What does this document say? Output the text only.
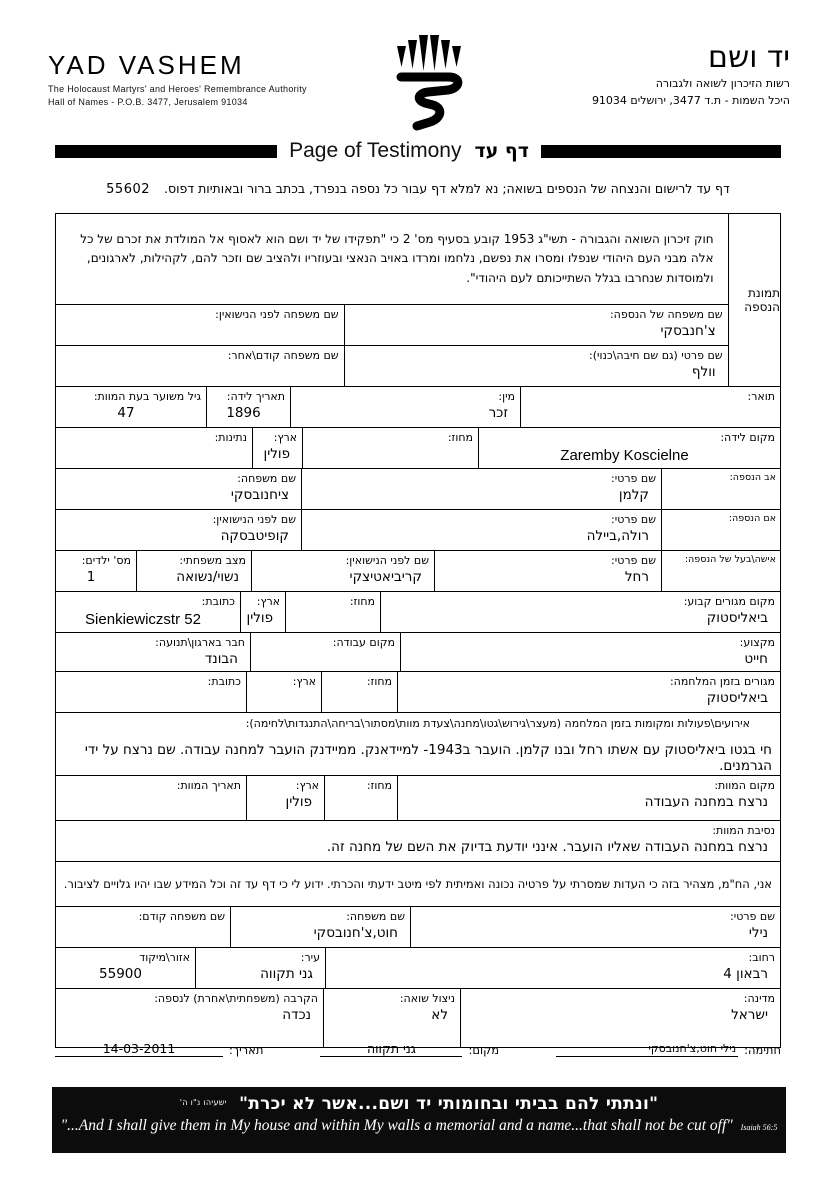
YAD VASHEM
The Holocaust Martyrs' and Heroes' Remembrance Authority
Hall of Names - P.O.B. 3477, Jerusalem 91034
יד ושם
רשות הזיכרון לשואה ולגבורה
היכל השמות - ת.ד 3477, ירושלים 91034
Page of Testimony דף עד
דף עד לרישום והנצחה של הנספים בשואה; נא למלא דף עבור כל נספה בנפרד, בכתב ברור ובאותיות דפוס. 55602
תמונת הנספה
חוק זיכרון השואה והגבורה - תשי"ג 1953 קובע בסעיף מס' 2 כי "תפקידו של יד ושם הוא לאסוף אל המולדת את זכרם של כל אלה מבני העם היהודי שנפלו ומסרו את נפשם, נלחמו ומרדו באויב הנאצי ובעוזריו ולהציב שם וזכר להם, לקהילות, לארגונים, ולמוסדות שנחרבו בגלל השתייכותם לעם היהודי".
שם משפחה של הנספה:
צ'חנבסקי
שם משפחה לפני הנישואין:
שם פרטי (גם שם חיבה\כנוי):
וולף
שם משפחה קודם\אחר:
תואר:
מין:
זכר
תאריך לידה:
1896
גיל משוער בעת המוות:
47
מקום לידה:
Zaremby Koscielne
מחוז:
ארץ:
פולין
נתינות:
אב הנספה:
שם פרטי:
קלמן
שם משפחה:
ציחנובסקי
אם הנספה:
שם פרטי:
רולה,ביילה
שם לפני הנישואין:
קופיטבסקה
אישה\בעל של הנספה:
שם פרטי:
רחל
שם לפני הנישואין:
קריביאטיצקי
מצב משפחתי:
נשוי/נשואה
מס' ילדים:
1
מקום מגורים קבוע:
ביאליסטוק
מחוז:
ארץ:
פולין
כתובת:
Sienkiewiczstr 52
מקצוע:
חייט
מקום עבודה:
חבר בארגון\תנועה:
הבונד
מגורים בזמן המלחמה:
ביאליסטוק
מחוז:
ארץ:
כתובת:
אירועים\פעולות ומקומות בזמן המלחמה (מעצר\גירוש\גטו\מחנה\צעדת מוות\מסתור\בריחה\התנגדות\לחימה):
חי בגטו ביאליסטוק עם אשתו רחל ובנו קלמן. הועבר ב1943- למיידאנק. ממיידנק הועבר למחנה עבודה. שם נרצח על ידי הגרמנים.
מקום המוות:
נרצח במחנה העבודה
מחוז:
ארץ:
פולין
תאריך המוות:
נסיבת המוות:
נרצח במחנה העבודה שאליו הועבר. אינני יודעת בדיוק את השם של מחנה זה.
אני, הח"מ, מצהיר בזה כי העדות שמסרתי על פרטיה נכונה ואמיתית לפי מיטב ידעתי והכרתי. ידוע לי כי דף עד זה וכל המידע שבו יהיו גלויים לציבור.
שם פרטי:
נילי
שם משפחה:
חוט,צ'חנובסקי
שם משפחה קודם:
רחוב:
רבאון 4
עיר:
גני תקווה
אזור\מיקוד
55900
מדינה:
ישראל
ניצול שואה:
לא
הקרבה (משפחתית\אחרת) לנספה:
נכדה
חתימה:
נילי חוט,צ'חנובסקי
מקום:
גני תקווה
תאריך:
14-03-2011
"ונתתי להם בביתי ובחומותי יד ושם...אשר לא יכרת" $^{ישעיהו נ"ו ה'}$
"...And I shall give them in My house and within My walls a memorial and a name...that shall not be cut off" Isaiah 56:5
